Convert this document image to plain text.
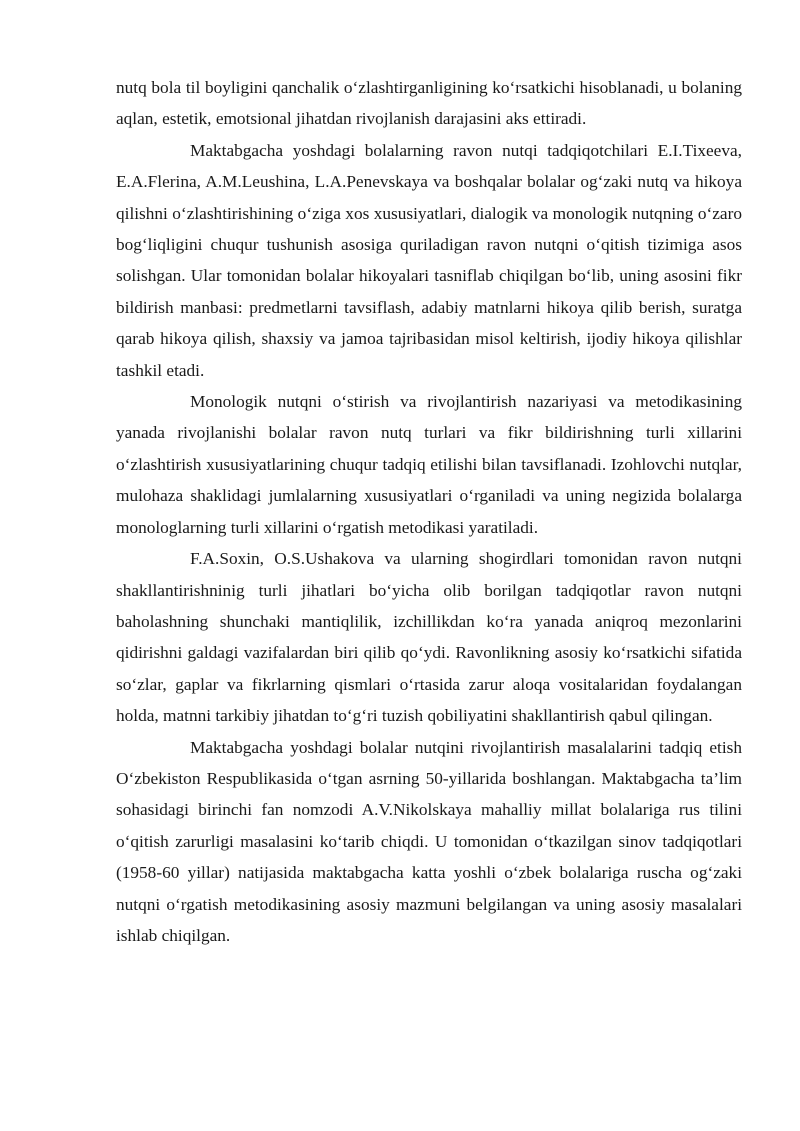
nutq bola til boyligini qanchalik o‘zlashtirganligining ko‘rsatkichi hisoblanadi, u bolaning aqlan, estetik, emotsional jihatdan rivojlanish darajasini aks ettiradi.

Maktabgacha yoshdagi bolalarning ravon nutqi tadqiqotchilari E.I.Tixeeva, E.A.Flerina, A.M.Leushina, L.A.Penevskaya va boshqalar bolalar og‘zaki nutq va hikoya qilishni o‘zlashtirishining o‘ziga xos xususiyatlari, dialogik va monologik nutqning o‘zaro bog‘liqligini chuqur tushunish asosiga quriladigan ravon nutqni o‘qitish tizimiga asos solishgan. Ular tomonidan bolalar hikoyalari tasniflab chiqilgan bo‘lib, uning asosini fikr bildirish manbasi: predmetlarni tavsiflash, adabiy matnlarni hikoya qilib berish, suratga qarab hikoya qilish, shaxsiy va jamoa tajribasidan misol keltirish, ijodiy hikoya qilishlar tashkil etadi.

Monologik nutqni o‘stirish va rivojlantirish nazariyasi va metodikasining yanada rivojlanishi bolalar ravon nutq turlari va fikr bildirishning turli xillarini o‘zlashtirish xususiyatlarining chuqur tadqiq etilishi bilan tavsiflanadi. Izohlovchi nutqlar, mulohaza shaklidagi jumlalarning xususiyatlari o‘rganiladi va uning negizida bolalarga monologlarning turli xillarini o‘rgatish metodikasi yaratiladi.

F.A.Soxin, O.S.Ushakova va ularning shogirdlari tomonidan ravon nutqni shakllantirishninig turli jihatlari bo‘yicha olib borilgan tadqiqotlar ravon nutqni baholashning shunchaki mantiqlilik, izchillikdan ko‘ra yanada aniqroq mezonlarini qidirishni galdagi vazifalardan biri qilib qo‘ydi. Ravonlikning asosiy ko‘rsatkichi sifatida so‘zlar, gaplar va fikrlarning qismlari o‘rtasida zarur aloqa vositalaridan foydalangan holda, matnni tarkibiy jihatdan to‘g‘ri tuzish qobiliyatini shakllantirish qabul qilingan.

Maktabgacha yoshdagi bolalar nutqini rivojlantirish masalalarini tadqiq etish O‘zbekiston Respublikasida o‘tgan asrning 50-yillarida boshlangan. Maktabgacha ta’lim sohasidagi birinchi fan nomzodi A.V.Nikolskaya mahalliy millat bolalariga rus tilini o‘qitish zarurligi masalasini ko‘tarib chiqdi. U tomonidan o‘tkazilgan sinov tadqiqotlari (1958-60 yillar) natijasida maktabgacha katta yoshli o‘zbek bolalariga ruscha og‘zaki nutqni o‘rgatish metodikasining asosiy mazmuni belgilangan va uning asosiy masalalari ishlab chiqilgan.
